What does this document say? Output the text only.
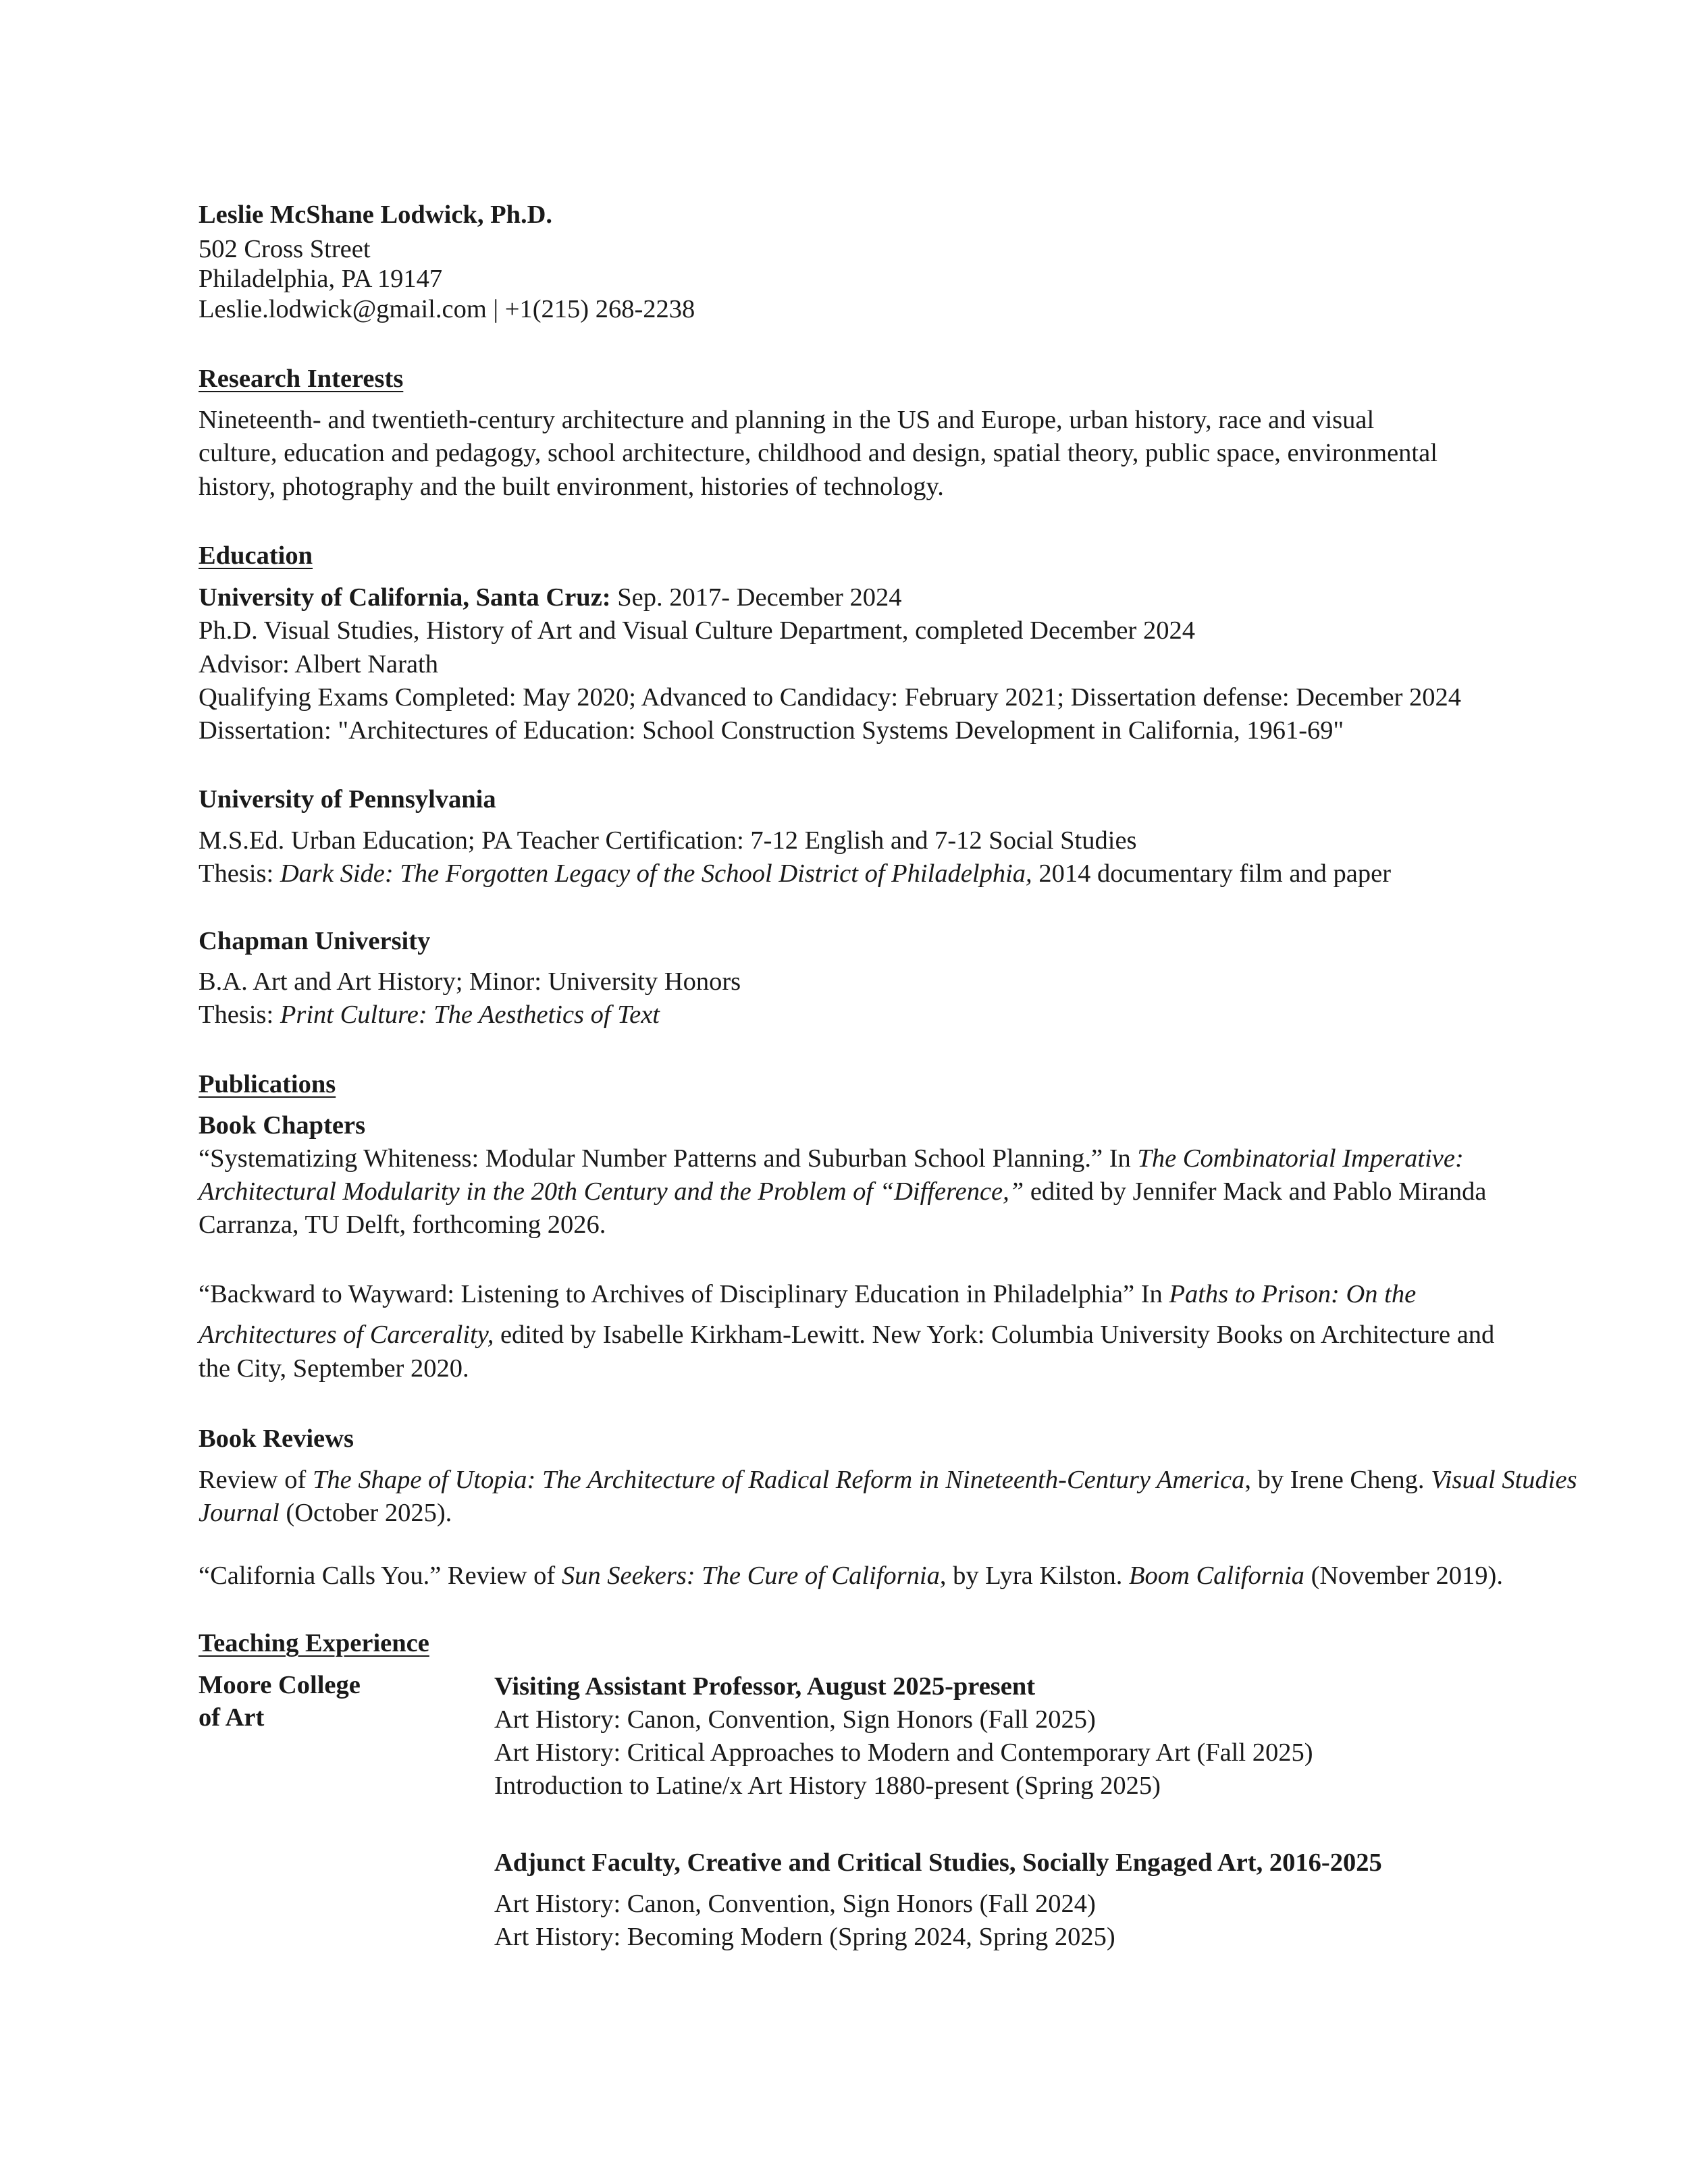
Leslie McShane Lodwick, Ph.D.
502 Cross Street
Philadelphia, PA 19147
Leslie.lodwick@gmail.com | +1(215) 268-2238
Research Interests
Nineteenth- and twentieth-century architecture and planning in the US and Europe, urban history, race and visual
culture, education and pedagogy, school architecture, childhood and design, spatial theory, public space, environmental
history, photography and the built environment, histories of technology.
Education
University of California, Santa Cruz: Sep. 2017- December 2024
Ph.D. Visual Studies, History of Art and Visual Culture Department, completed December 2024
Advisor: Albert Narath
Qualifying Exams Completed: May 2020; Advanced to Candidacy: February 2021; Dissertation defense: December 2024
Dissertation: "Architectures of Education: School Construction Systems Development in California, 1961-69"
University of Pennsylvania
M.S.Ed. Urban Education; PA Teacher Certification: 7-12 English and 7-12 Social Studies
Thesis: Dark Side: The Forgotten Legacy of the School District of Philadelphia, 2014 documentary film and paper
Chapman University
B.A. Art and Art History; Minor: University Honors
Thesis: Print Culture: The Aesthetics of Text
Publications
Book Chapters
“Systematizing Whiteness: Modular Number Patterns and Suburban School Planning.” In The Combinatorial Imperative:
Architectural Modularity in the 20th Century and the Problem of “Difference,” edited by Jennifer Mack and Pablo Miranda
Carranza, TU Delft, forthcoming 2026.
“Backward to Wayward: Listening to Archives of Disciplinary Education in Philadelphia” In Paths to Prison: On the
Architectures of Carcerality, edited by Isabelle Kirkham-Lewitt. New York: Columbia University Books on Architecture and
the City, September 2020.
Book Reviews
Review of The Shape of Utopia: The Architecture of Radical Reform in Nineteenth-Century America, by Irene Cheng. Visual Studies
Journal (October 2025).
“California Calls You.” Review of Sun Seekers: The Cure of California, by Lyra Kilston. Boom California (November 2019).
Teaching Experience
Moore College
of Art
Visiting Assistant Professor, August 2025-present
Art History: Canon, Convention, Sign Honors (Fall 2025)
Art History: Critical Approaches to Modern and Contemporary Art (Fall 2025)
Introduction to Latine/x Art History 1880-present (Spring 2025)
Adjunct Faculty, Creative and Critical Studies, Socially Engaged Art, 2016-2025
Art History: Canon, Convention, Sign Honors (Fall 2024)
Art History: Becoming Modern (Spring 2024, Spring 2025)
